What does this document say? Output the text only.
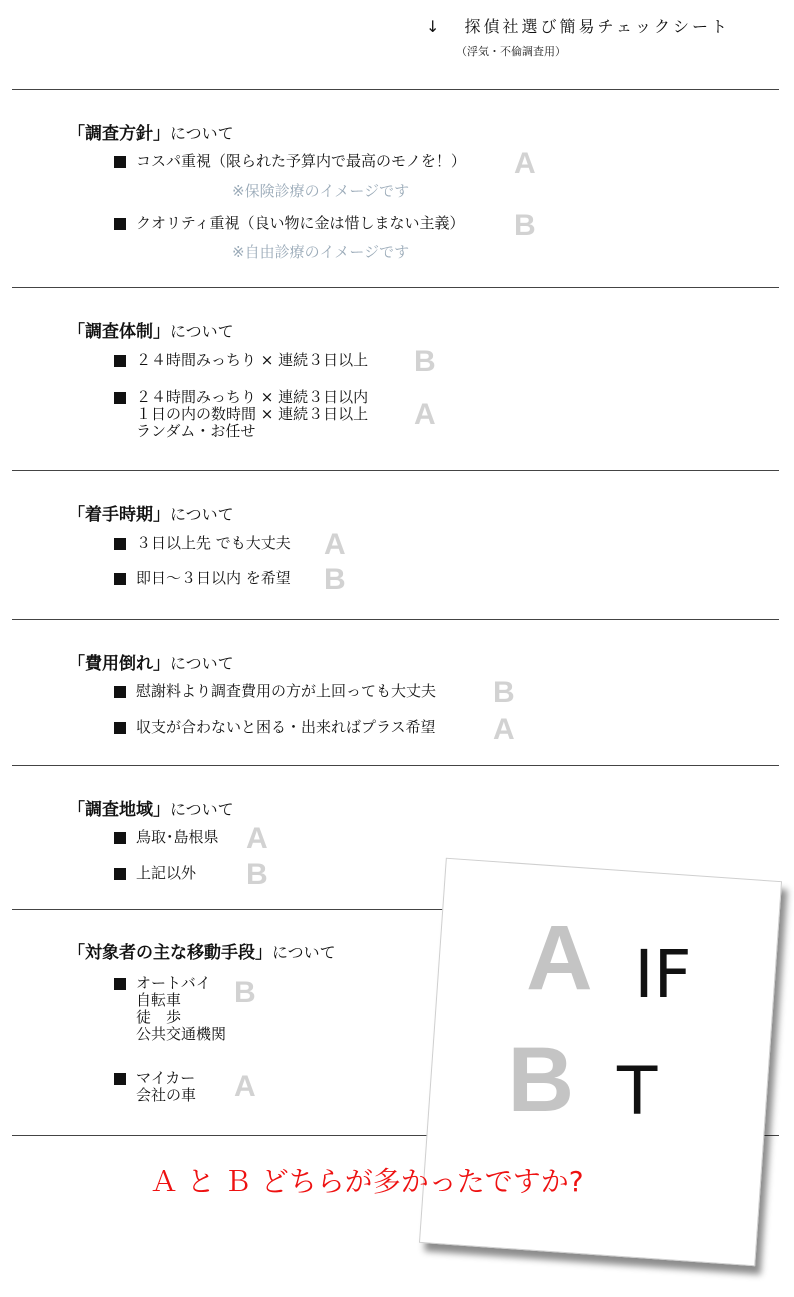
↓ 探偵社選び簡易チェックシート
（浮気・不倫調査用）
「調査方針」について
コスパ重視（限られた予算内で最高のモノを！） A
※保険診療のイメージです
クオリティ重視（良い物に金は惜しまない主義） B
※自由診療のイメージです
「調査体制」について
２４時間みっちり × 連続３日以上 B
２４時間みっちり × 連続３日以内
１日の内の数時間 × 連続３日以上
ランダム・お任せ	A
「着手時期」について
３日以上先 でも大丈夫 A
即日〜３日以内 を希望 B
「費用倒れ」について
慰謝料より調査費用の方が上回っても大丈夫 B
収支が合わないと困る・出来ればプラス希望 A
「調査地域」について
鳥取･島根県 A
上記以外 B
「対象者の主な移動手段」について
オートバイ
自転車
徒　歩
公共交通機関
B
マイカー
会社の車 A
A IF
B T
Ａ と Ｂ どちらが多かったですか?
